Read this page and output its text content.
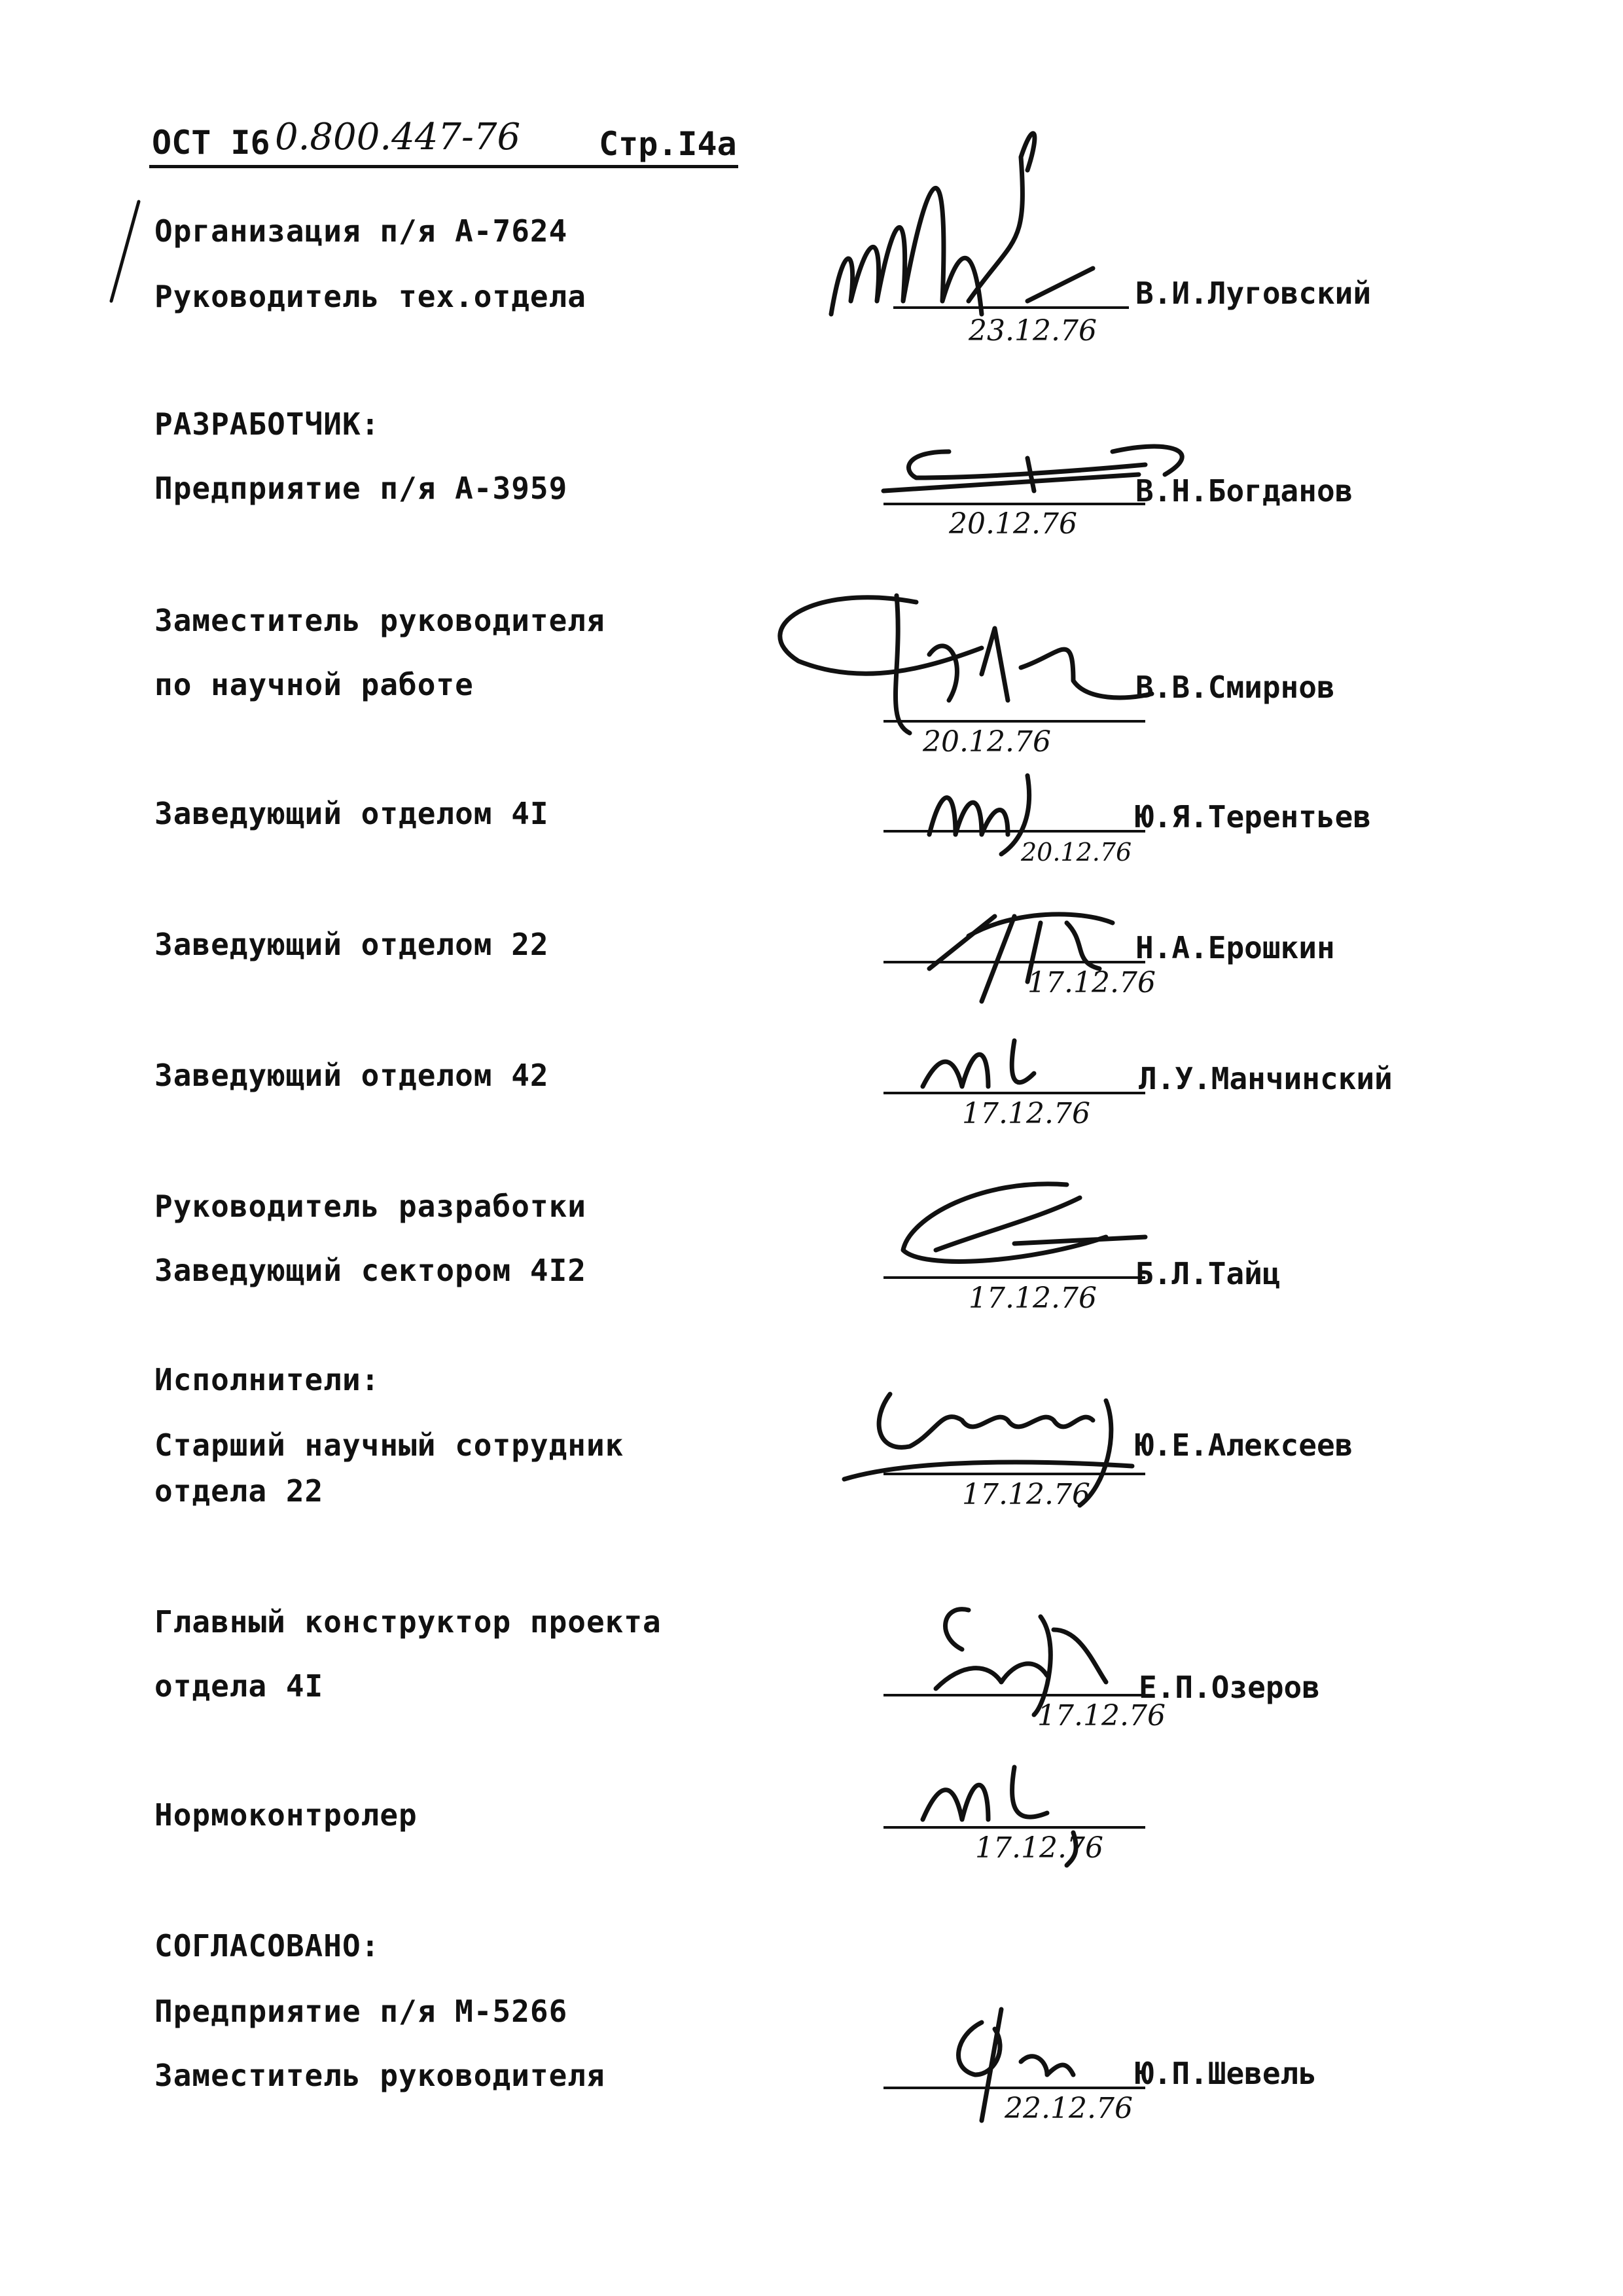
ОСТ I6 0.800.447-76 Стр.I4а
Организация п/я А-7624
Руководитель тех.отдела
РАЗРАБОТЧИК:
Предприятие п/я А-3959
Заместитель руководителя
по научной работе
Заведующий отделом 4I
Заведующий отделом 22
Заведующий отделом 42
Руководитель разработки
Заведующий сектором 4I2
Исполнители:
Старший научный сотрудник
отдела 22
Главный конструктор проекта
отдела 4I
Нормоконтролер
СОГЛАСОВАНО:
Предприятие п/я М-5266
Заместитель руководителя
23.12.76
В.И.Луговский
20.12.76
В.Н.Богданов
20.12.76
В.В.Смирнов
20.12.76
Ю.Я.Терентьев
17.12.76
Н.А.Ерошкин
17.12.76
Л.У.Манчинский
17.12.76
Б.Л.Тайц
17.12.76
Ю.Е.Алексеев
17.12.76
Е.П.Озеров
17.12.76
22.12.76
Ю.П.Шевель
